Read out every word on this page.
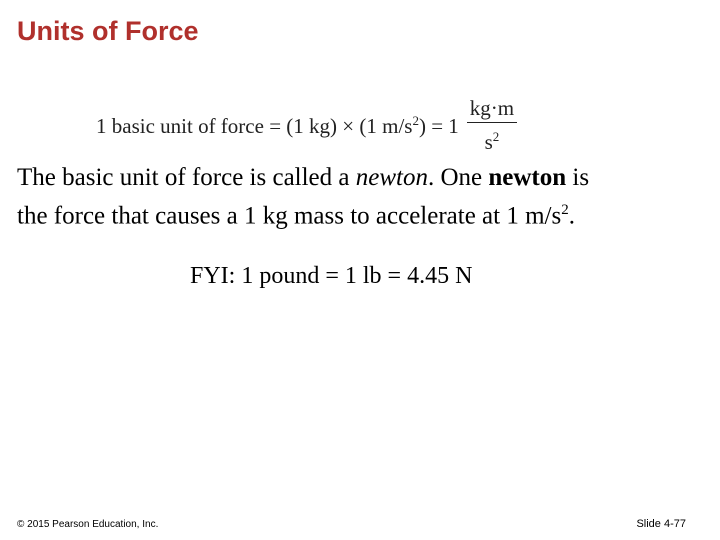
Units of Force
1 basic unit of force = (1 kg) × (1 $m/s^2) = 1 \frac{kg\cdot m}{s^2}$
The basic unit of force is called a newton. One newton is
the force that causes a 1 kg mass to accelerate at 1 $m/s^2$.
FYI: 1 pound = 1 lb = 4.45 N
© 2015 Pearson Education, Inc.	Slide 4-77
